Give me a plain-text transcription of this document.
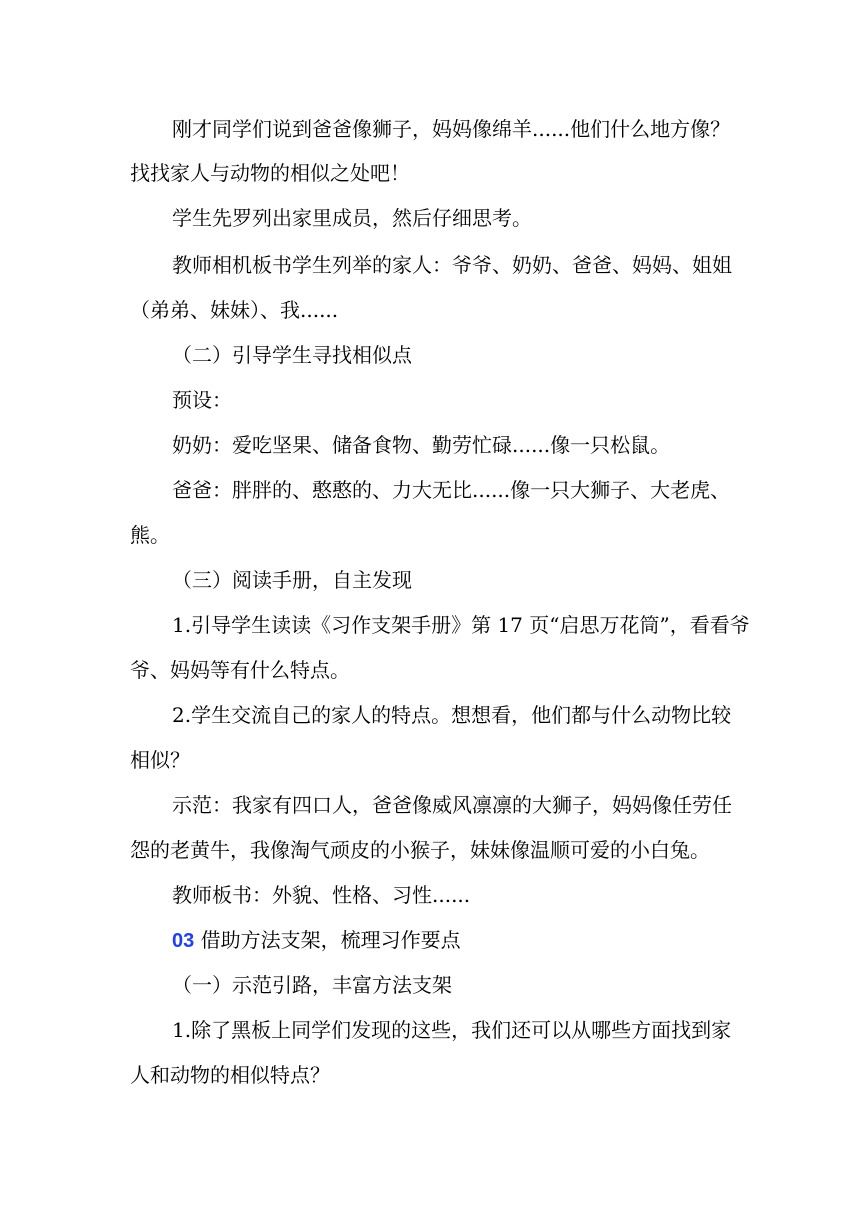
刚才同学们说到爸爸像狮子，妈妈像绵羊......他们什么地方像？
找找家人与动物的相似之处吧！
学生先罗列出家里成员，然后仔细思考。
教师相机板书学生列举的家人：爷爷、奶奶、爸爸、妈妈、姐姐
（弟弟、妹妹）、我......
（二）引导学生寻找相似点
预设：
奶奶：爱吃坚果、储备食物、勤劳忙碌......像一只松鼠。
爸爸：胖胖的、憨憨的、力大无比......像一只大狮子、大老虎、
熊。
（三）阅读手册，自主发现
1.引导学生读读《习作支架手册》第 17 页“启思万花筒”，看看爷
爷、妈妈等有什么特点。
2.学生交流自己的家人的特点。想想看，他们都与什么动物比较
相似？
示范：我家有四口人，爸爸像威风凛凛的大狮子，妈妈像任劳任
怨的老黄牛，我像淘气顽皮的小猴子，妹妹像温顺可爱的小白兔。
教师板书：外貌、性格、习性......
03 借助方法支架，梳理习作要点
（一）示范引路，丰富方法支架
1.除了黑板上同学们发现的这些，我们还可以从哪些方面找到家
人和动物的相似特点？
